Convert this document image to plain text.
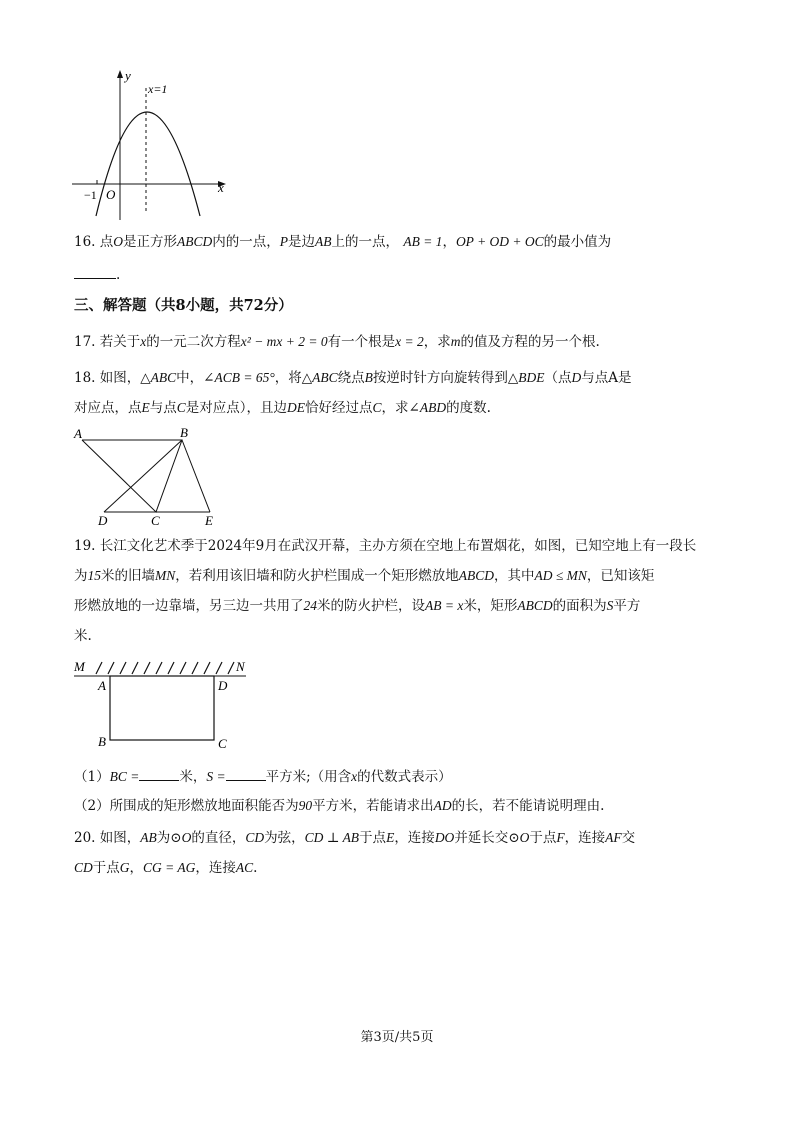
y
x
x=1
O
−1
16. 点O是正方形ABCD内的一点，P是边AB上的一点， AB = 1，OP + OD + OC的最小值为
.
三、解答题（共8小题，共72分）
17. 若关于x的一元二次方程x² − mx + 2 = 0有一个根是x = 2，求m的值及方程的另一个根.
18. 如图，△ABC中，∠ACB = 65°，将△ABC绕点B按逆时针方向旋转得到△BDE（点D与点A是
对应点，点E与点C是对应点），且边DE恰好经过点C，求∠ABD的度数.
A	B
D	C	E
19. 长江文化艺术季于2024年9月在武汉开幕，主办方须在空地上布置烟花，如图，已知空地上有一段长
为15米的旧墙MN，若利用该旧墙和防火护栏围成一个矩形燃放地ABCD，其中AD ≤ MN，已知该矩
形燃放地的一边靠墙，另三边一共用了24米的防火护栏，设AB = x米，矩形ABCD的面积为S平方
米.
M	N
A	D
B	C
（1）BC =	米，S =	平方米;（用含x的代数式表示）
（2）所围成的矩形燃放地面积能否为90平方米，若能请求出AD的长，若不能请说明理由.
20. 如图，AB为⊙O的直径，CD为弦，CD ⊥ AB于点E，连接DO并延长交⊙O于点F，连接AF交
CD于点G，CG = AG，连接AC.
第3页/共5页
